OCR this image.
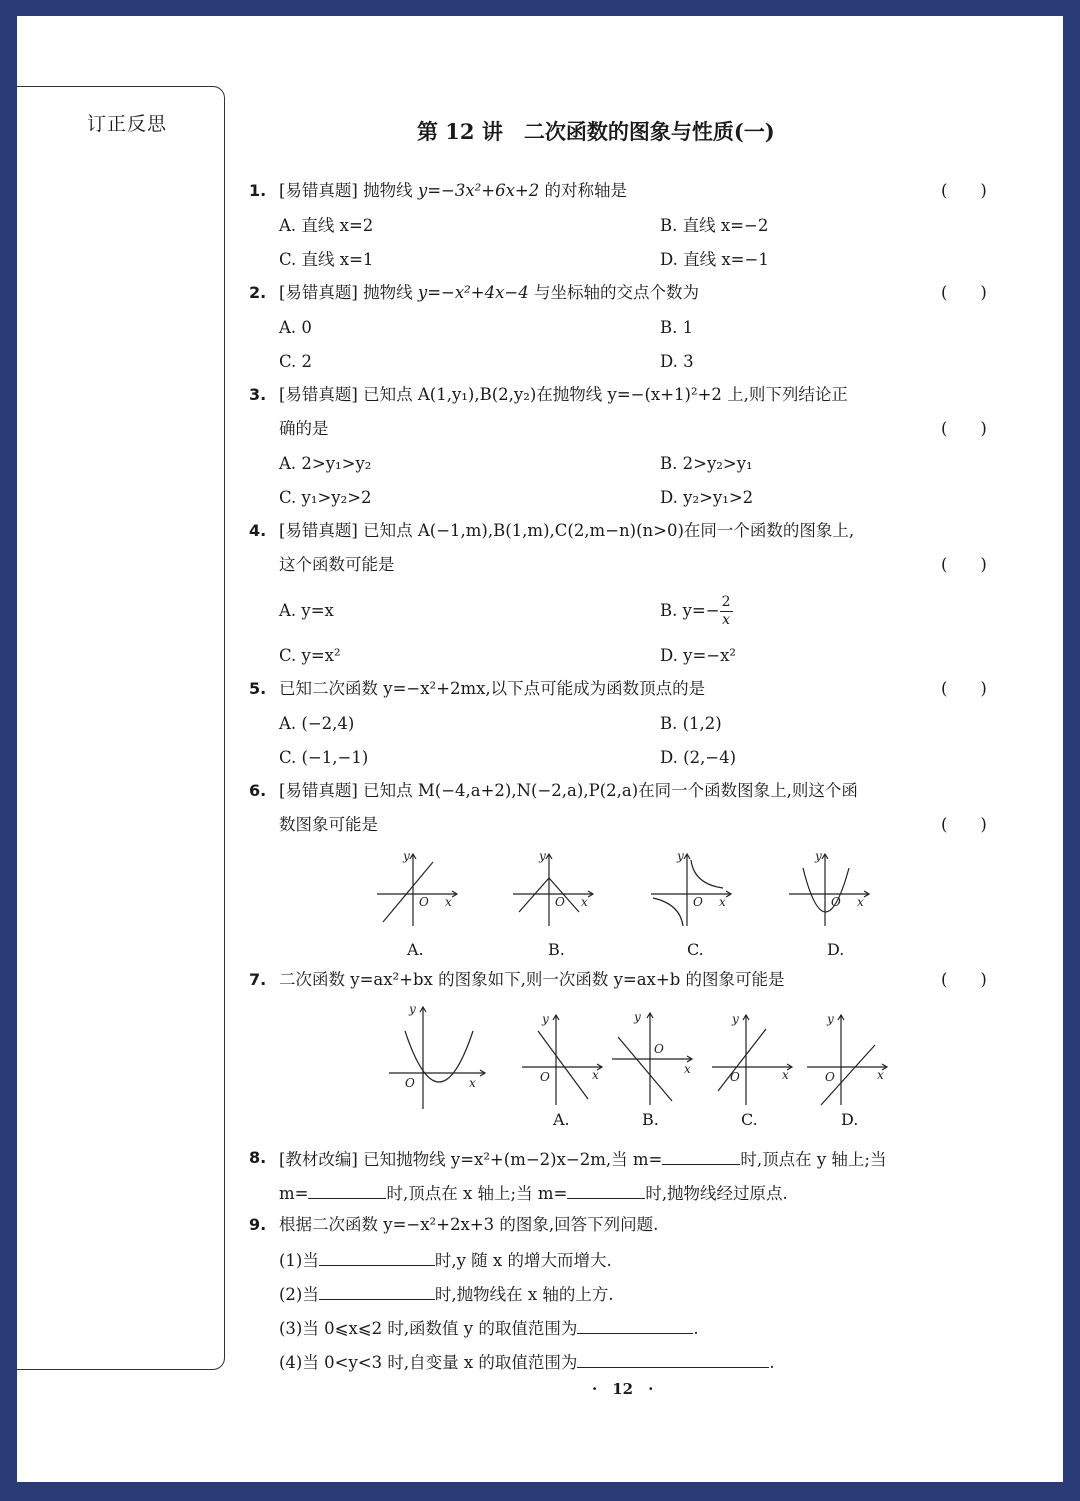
订正反思	第 12 讲　二次函数的图象与性质(一)
1. [易错真题] 抛物线 y=−3x²+6x+2 的对称轴是	(　　)
A. 直线 x=2	B. 直线 x=−2
C. 直线 x=1	D. 直线 x=−1
2. [易错真题] 抛物线 y=−x²+4x−4 与坐标轴的交点个数为	(　　)
A. 0	B. 1
C. 2	D. 3
3. [易错真题] 已知点 A(1,y₁),B(2,y₂)在抛物线 y=−(x+1)²+2 上,则下列结论正
确的是	(　　)
A. 2>y₁>y₂	B. 2>y₂>y₁
C. y₁>y₂>2	D. y₂>y₁>2
4. [易错真题] 已知点 A(−1,m),B(1,m),C(2,m−n)(n>0)在同一个函数的图象上,
这个函数可能是	(　　)
A. y=x	B. $y=- \frac{2}{x}$
C. y=x²	D. y=−x²
5. 已知二次函数 y=−x²+2mx,以下点可能成为函数顶点的是	(　　)
A. (−2,4)	B. (1,2)
C. (−1,−1)	D. (2,−4)
6. [易错真题] 已知点 M(−4,a+2),N(−2,a),P(2,a)在同一个函数图象上,则这个函
数图象可能是	(　　)
y
O x
y
O x
y
O x
y
O x
A.	B.	C.	D.
7. 二次函数 y=ax²+bx 的图象如下,则一次函数 y=ax+b 的图象可能是	(　　)
y
O	x
y
O	x
y
O
x
y
O	x
y
O	x
A.	B.	C.	D.
8. [教材改编] 已知抛物线 y=x²+(m−2)x−2m,当 m=	时,顶点在 y 轴上;当
m=	时,顶点在 x 轴上;当 m=	时,抛物线经过原点.
9. 根据二次函数 y=−x²+2x+3 的图象,回答下列问题.
(1)当	时,y 随 x 的增大而增大.
(2)当	时,抛物线在 x 轴的上方.
(3)当 0⩽x⩽2 时,函数值 y 的取值范围为	.
(4)当 0<y<3 时,自变量 x 的取值范围为	.
·　12　·
